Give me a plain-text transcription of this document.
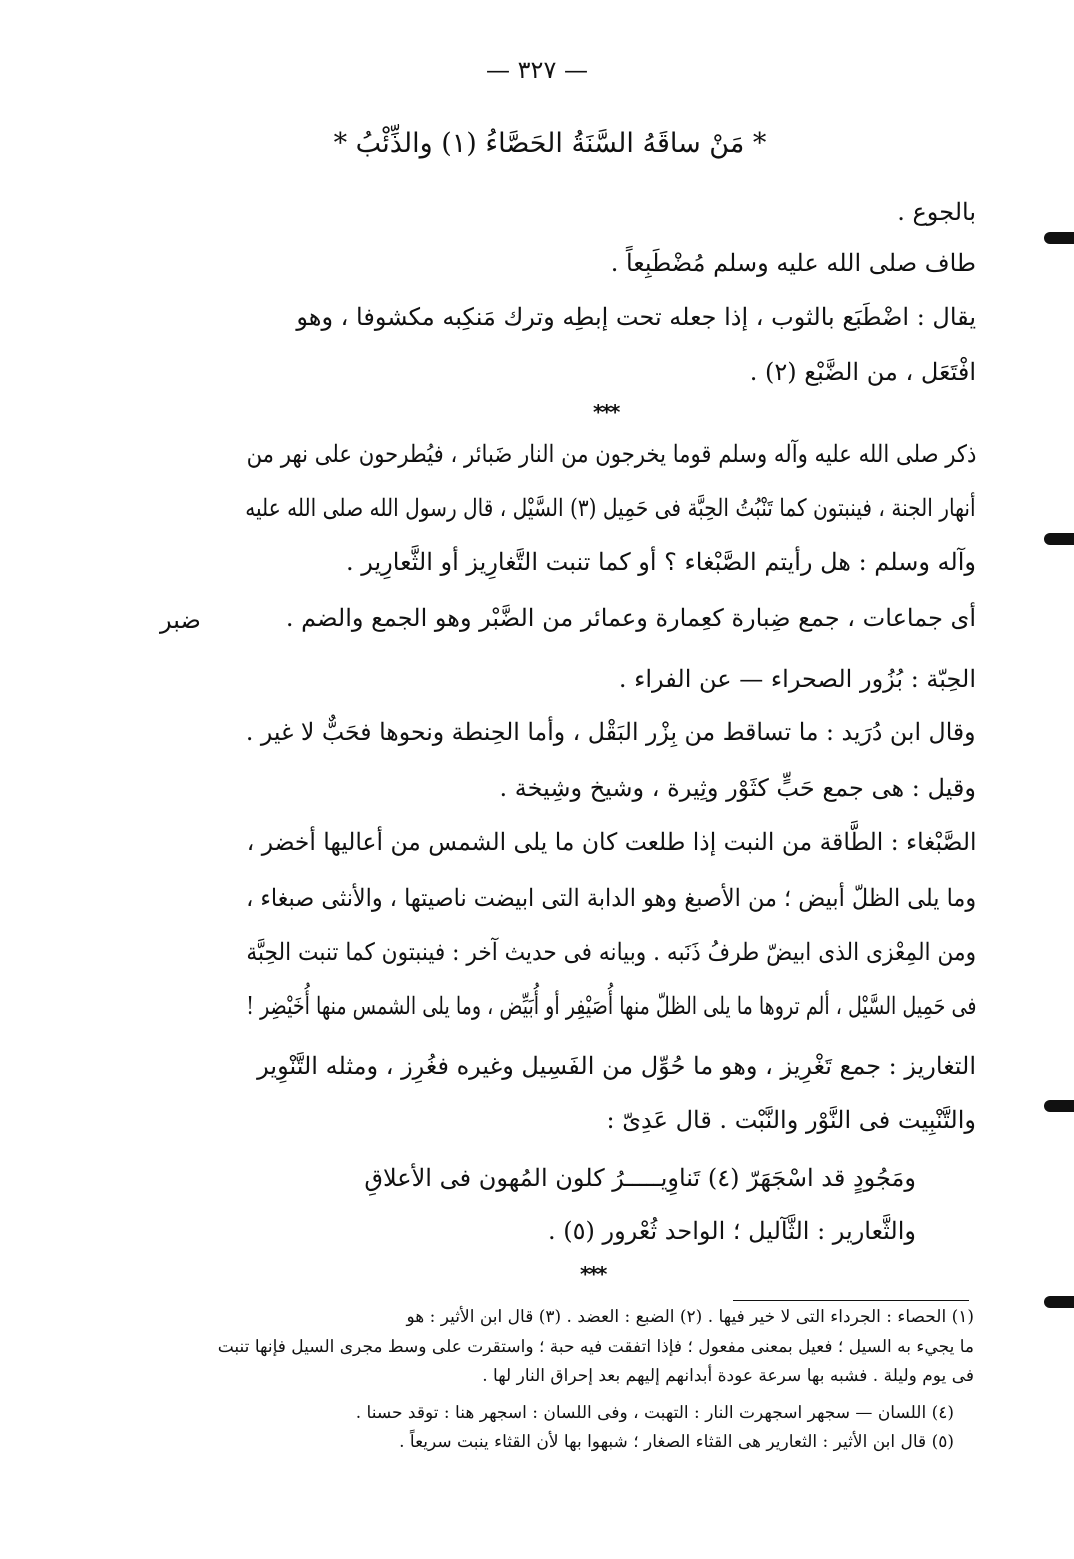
— ٣٢٧ —
* مَنْ ساقَهُ السَّنَةُ الحَصَّاءُ (١) والذِّئْبُ *
ضبر
بالجوع .
طاف صلى الله عليه وسلم مُضْطَبِعاً .
يقال : اضْطَبَع بالثوب ، إذا جعله تحت إبطِه وترك مَنكِبه مكشوفا ، وهو
افْتَعَل ، من الضَّبْع (٢) .
ذكر صلى الله عليه وآله وسلم قوما يخرجون من النار ضَبائر ، فيُطرحون على نهر من
أنهار الجنة ، فينبتون كما تَنْبُتُ الحِبَّة فى حَمِيل (٣) السَّيْل ، قال رسول الله صلى الله عليه
وآله وسلم : هل رأيتم الصَّبْغاء ؟ أو كما تنبت التَّغارِيز أو الثَّعارِير .
أى جماعات ، جمع ضِبارة كعِمارة وعمائر من الضَّبْر وهو الجمع والضم .
الحِبّة : بُزُور الصحراء — عن الفراء .
وقال ابن دُرَيد : ما تساقط من بِزْر البَقْل ، وأما الحِنطة ونحوها فحَبٌّ لا غير .
وقيل : هى جمع حَبٍّ كثَوْر وثِيرة ، وشيخ وشِيخة .
الصَّبْغاء : الطَّاقة من النبت إذا طلعت كان ما يلى الشمس من أعاليها أخضر ،
وما يلى الظلّ أبيض ؛ من الأصبغ وهو الدابة التى ابيضت ناصيتها ، والأنثى صبغاء ،
ومن المِعْزى الذى ابيضّ طرفُ ذَنَبه . وبيانه فى حديث آخر : فينبتون كما تنبت الحِبَّة
فى حَمِيل السَّيْل ، ألم تروها ما يلى الظلّ منها أُصَيْفِر أو أُبَيِّض ، وما يلى الشمس منها أُخَيْضِر !
التغاريز : جمع تَغْرِيز ، وهو ما حُوِّل من الفَسِيل وغيره فغُرِز ، ومثله التَّنْوِير
والتَّنْبِيت فى النَّوْر والنَّبْت . قال عَدِىّ :
ومَجُودٍ قد اسْجَهَرّ (٤) تَناوِيـــــرُ كلون المُهون فى الأعلاقِ
والثَّعارير : الثَّآليل ؛ الواحد ثُعْرور (٥) .
***
***
(١) الحصاء : الجرداء التى لا خير فيها . (٢) الضبع : العضد . (٣) قال ابن الأثير : هو
ما يجيء به السيل ؛ فعيل بمعنى مفعول ؛ فإذا اتفقت فيه حبة ؛ واستقرت على وسط مجرى السيل فإنها تنبت
فى يوم وليلة . فشبه بها سرعة عودة أبدانهم إليهم بعد إحراق النار لها .
(٤) اللسان — سجهر اسجهرت النار : التهبت ، وفى اللسان : اسجهر هنا : توقد حسنا .
(٥) قال ابن الأثير : الثعارير هى القثاء الصغار ؛ شبهوا بها لأن القثاء ينبت سريعاً .
